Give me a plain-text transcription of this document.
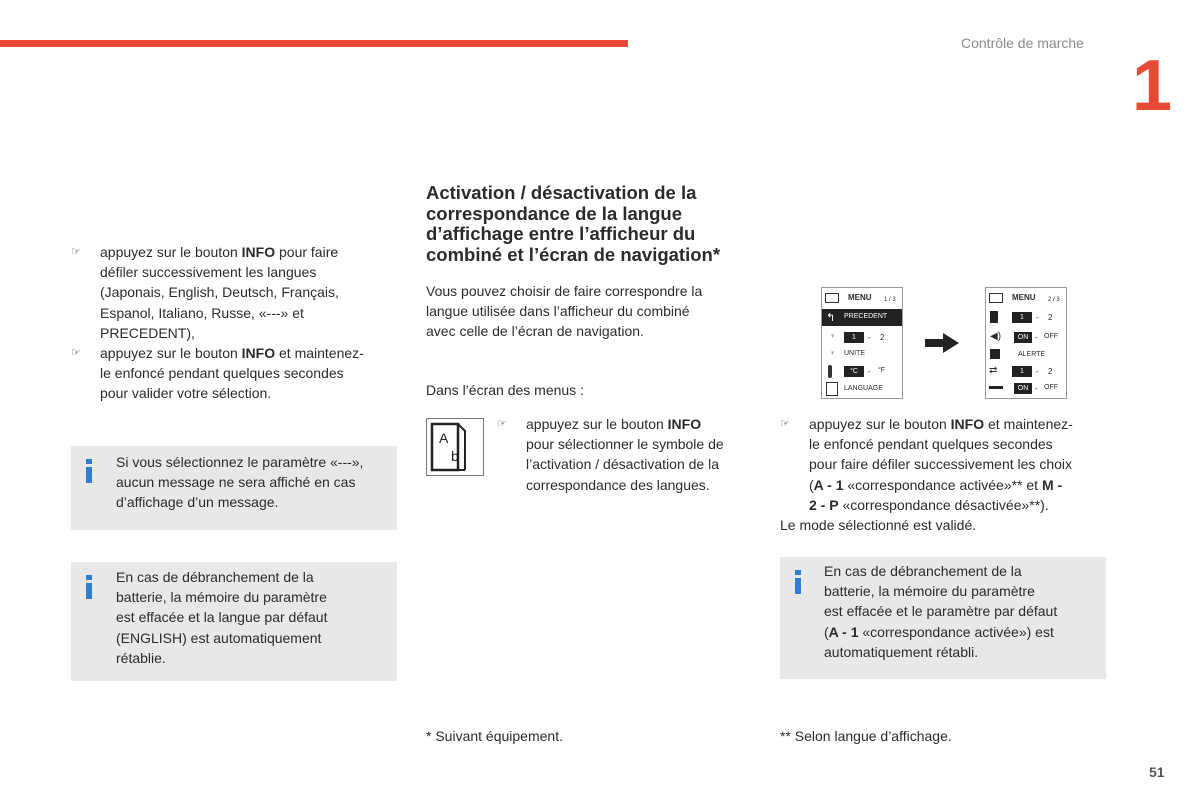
Contrôle de marche
1
☞ appuyez sur le bouton INFO pour faire
défiler successivement les langues
(Japonais, English, Deutsch, Français,
Espanol, Italiano, Russe, «---» et
PRECEDENT),
☞ appuyez sur le bouton INFO et maintenez-
le enfoncé pendant quelques secondes
pour valider votre sélection.
Si vous sélectionnez le paramètre «---»,
aucun message ne sera affiché en cas
d’affichage d’un message.
En cas de débranchement de la
batterie, la mémoire du paramètre
est effacée et la langue par défaut
(ENGLISH) est automatiquement
rétablie.
Activation / désactivation de la
correspondance de la langue
d’affichage entre l’afficheur du
combiné et l’écran de navigation*
Vous pouvez choisir de faire correspondre la
langue utilisée dans l’afficheur du combiné
avec celle de l’écran de navigation.
Dans l’écran des menus :
A
b
☞ appuyez sur le bouton INFO
pour sélectionner le symbole de
l’activation / désactivation de la
correspondance des langues.
* Suivant équipement.
MENU 1 / 3
↰ PRECEDENT
♀	1	- 2
♀ UNITE
°C	- °F
LANGUAGE
MENU 2 / 3
1	- 2
◀)	ON - OFF
ALERTE
⇄	1	- 2
ON - OFF
☞ appuyez sur le bouton INFO et maintenez-
le enfoncé pendant quelques secondes
pour faire défiler successivement les choix
(A - 1 «correspondance activée»** et M -
2 - P «correspondance désactivée»**).
Le mode sélectionné est validé.
En cas de débranchement de la
batterie, la mémoire du paramètre
est effacée et le paramètre par défaut
(A - 1 «correspondance activée») est
automatiquement rétabli.
** Selon langue d’affichage.
51
